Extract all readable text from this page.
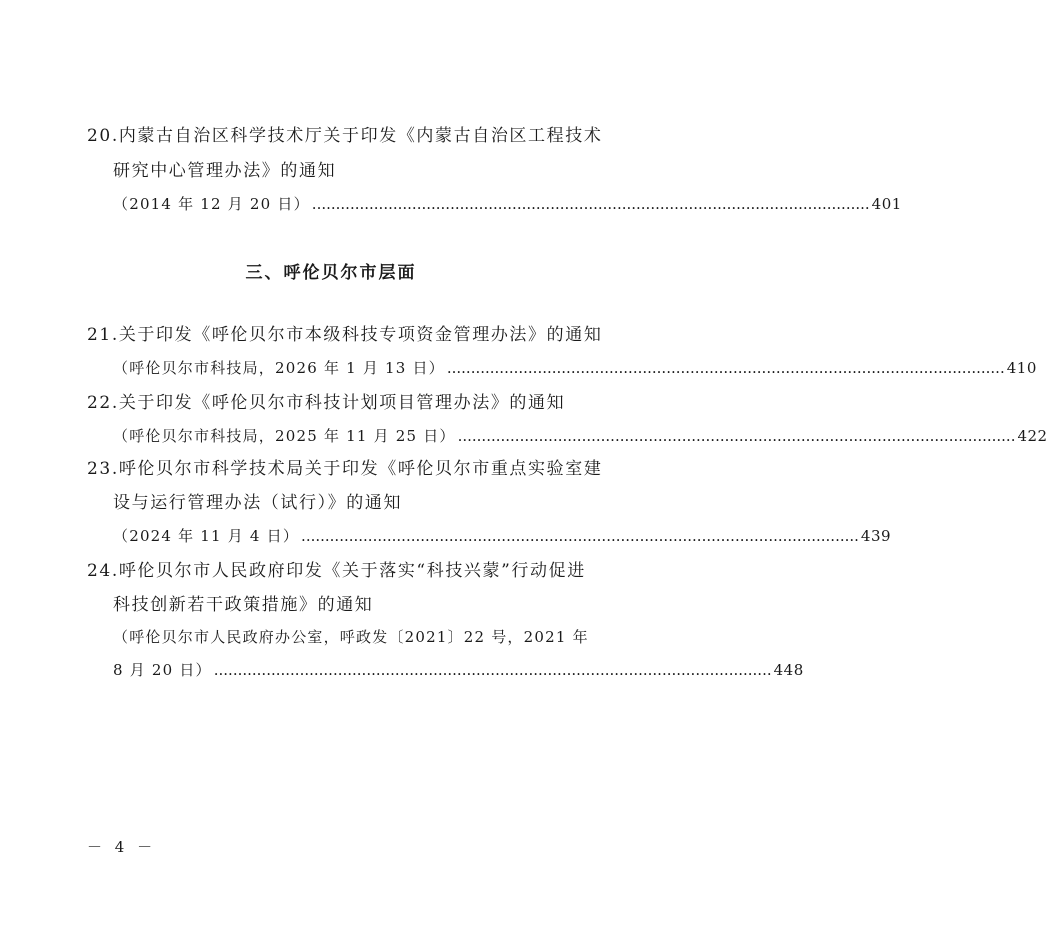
20.内蒙古自治区科学技术厅关于印发《内蒙古自治区工程技术
研究中心管理办法》的通知
（2014 年 12 月 20 日） ..................................................................................................................... 401
三、呼伦贝尔市层面
21.关于印发《呼伦贝尔市本级科技专项资金管理办法》的通知
（呼伦贝尔市科技局，2026 年 1 月 13 日） ..................................................................................................................... 410
22.关于印发《呼伦贝尔市科技计划项目管理办法》的通知
（呼伦贝尔市科技局，2025 年 11 月 25 日） ..................................................................................................................... 422
23.呼伦贝尔市科学技术局关于印发《呼伦贝尔市重点实验室建
设与运行管理办法（试行）》的通知
（2024 年 11 月 4 日） ..................................................................................................................... 439
24.呼伦贝尔市人民政府印发《关于落实“科技兴蒙”行动促进
科技创新若干政策措施》的通知
（呼伦贝尔市人民政府办公室，呼政发〔2021〕22 号，2021 年
8 月 20 日） ..................................................................................................................... 448
－ 4 －
